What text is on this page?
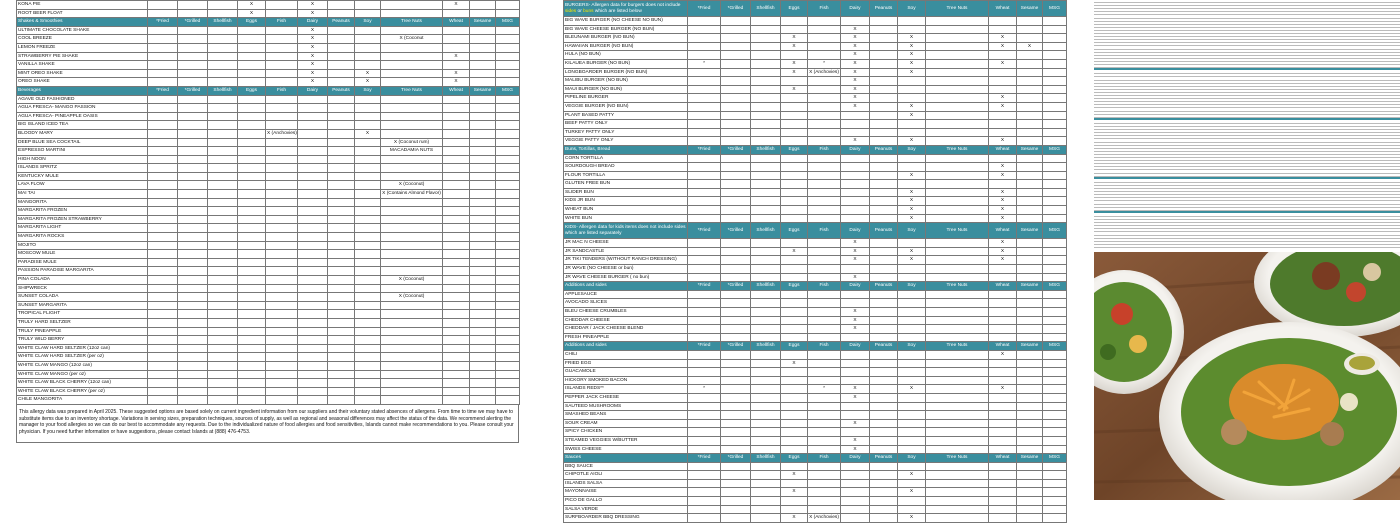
KONA PIE				X		X				X		
ROOT BEER FLOAT				X		X						
Shakes & Smoothies	*Fried	*Grilled	Shellfish	Eggs	Fish	Dairy	Peanuts	Soy	Tree Nuts	Wheat	Sesame	MSG
ULTIMATE CHOCOLATE SHAKE						X						
COOL BREEZE						X			X (Coconut			
LEMON FREEZE						X						
STRAWBERRY PIE SHAKE						X				X		
VANILLA SHAKE						X						
MINT OREO SHAKE						X		X		X		
OREO SHAKE						X		X		X		
Beverages	*Fried	*Grilled	Shellfish	Eggs	Fish	Dairy	Peanuts	Soy	Tree Nuts	Wheat	Sesame	MSG
AGAVE OLD FASHIONED												
AGUA FRESCA- MANGO PASSION												
AGUA FRESCA- PINEAPPLE OASIS												
BIG ISLAND ICED TEA												
BLOODY MARY					X (Anchovies)			X				
DEEP BLUE SEA COCKTAIL									X (Coconut rum)			
ESPRESSO MARTINI									MACADAMIA NUTS			
HIGH NOON												
ISLANDS SPRITZ												
KENTUCKY MULE												
LAVA FLOW									X (Coconut)			
MAI TAI									X (Contains Almond Flavor)			
MANGORITA												
MARGARITA FROZEN												
MARGARITA FROZEN STRAWBERRY												
MARGARITA LIGHT												
MARGARITA ROCKS												
MOJITO												
MOSCOW MULE												
PARADISE MULE												
PASSION PARADISE MARGARITA												
PINA COLADA									X (Coconut)			
SHIPWRECK												
SUNSET COLADA									X (Coconut)			
SUNSET MARGARITA												
TROPICAL FLIGHT												
TRULY HARD SELTZER												
TRULY PINEAPPLE												
TRULY WILD BERRY												
WHITE CLAW HARD SELTZER (12oz can)												
WHITE CLAW HARD SELTZER (per oz)												
WHITE CLAW MANGO (12oz can)												
WHITE CLAW MANGO (per oz)												
WHITE CLAW BLACK CHERRY (12oz can)												
WHITE CLAW BLACK CHERRY (per oz)												
CHILE MANGORITA												
This allergy data was prepared in April 2025. These suggested options are based solely on current ingredient information from our suppliers and their voluntary stated absences of allergens. From time to time we may have to substitute items due to an inventory shortage. Variations in serving sizes, preparation techniques, sources of supply, as well as regional and seasonal differences may affect the status of the data. We recommend alerting the manager to your food allergies so we can do our best to accommodate any requests. Due to the individualized nature of food allergies and food sensitivities, Islands cannot make recommendations to you. Please consult your physician. If you need further information or have suggestions, please contact Islands at (888) 476-4753.
BURGERS- Allergen data for burgers does not include sides or buns which are listed below	*Fried	*Grilled	Shellfish	Eggs	Fish	Dairy	Peanuts	Soy	Tree Nuts	Wheat	Sesame	MSG
BIG WAVE BURGER (NO CHEESE NO BUN)												
BIG WAVE CHEESE BURGER (NO BUN)						X						
BLEUNAMI BURGER (NO BUN)				X		X		X		X		
HAWAIIAN BURGER (NO BUN)				X		X		X		X	X	
HULA (NO BUN)						X		X				
KILAUEA BURGER (NO BUN)	*			X	*	X		X		X		
LONGBOARDER BURGER (NO BUN)				X	X (Anchovies)	X		X				
MALIBU BURGER (NO BUN)						X						
MAUI BURGER (NO BUN)				X		X						
PIPELINE BURGER						X				X		
VEGGIE BURGER (NO BUN)						X		X		X		
PLANT BASED PATTY								X				
BEEF PATTY ONLY												
TURKEY PATTY ONLY												
VEGGIE PATTY ONLY						X		X		X		
Buns, Tortillas, Bread	*Fried	*Grilled	Shellfish	Eggs	Fish	Dairy	Peanuts	Soy	Tree Nuts	Wheat	Sesame	MSG
CORN TORTILLA												
SOURDOUGH BREAD										X		
FLOUR TORTILLA								X		X		
GLUTEN FREE BUN												
SLIDER BUN								X		X		
KIDS JR BUN								X		X		
WHEAT BUN								X		X		
WHITE BUN								X		X		
KIDS- Allergen data for kids items does not include sides which are listed separately	*Fried	*Grilled	Shellfish	Eggs	Fish	Dairy	Peanuts	Soy	Tree Nuts	Wheat	Sesame	MSG
JR MAC N CHEESE						X				X		
JR SANDCASTLE				X		X		X		X		
JR TIKI TENDERS (WITHOUT RANCH DRESSING)						X		X		X		
JR WAVE (NO CHEESE or bun)												
JR WAVE CHEESE BURGER ( no bun)						X						
Additions and sides	*Fried	*Grilled	Shellfish	Eggs	Fish	Dairy	Peanuts	Soy	Tree Nuts	Wheat	Sesame	MSG
APPLESAUCE												
AVOCADO SLICES												
BLEU CHEESE CRUMBLES						X						
CHEDDAR CHEESE						X						
CHEDDAR / JACK CHEESE BLEND						X						
FRESH PINEAPPLE												
Additions and sides	*Fried	*Grilled	Shellfish	Eggs	Fish	Dairy	Peanuts	Soy	Tree Nuts	Wheat	Sesame	MSG
CHILI										X		
FRIED EGG				X								
GUACAMOLE												
HICKORY SMOKED BACON												
ISLANDS REDS**	*				*	X		X		X		
PEPPER JACK CHEESE						X						
SAUTEED MUSHROOMS												
SMASHED BEANS												
SOUR CREAM						X						
SPICY CHICKEN												
STEAMED VEGGIES W/BUTTER						X						
SWISS CHEESE						X						
Sauces	*Fried	*Grilled	Shellfish	Eggs	Fish	Dairy	Peanuts	Soy	Tree Nuts	Wheat	Sesame	MSG
BBQ SAUCE												
CHIPOTLE AIOLI				X				X				
ISLANDS SALSA												
MAYONNAISE				X				X				
PICO DE GALLO												
SALSA VERDE												
SURFBOARDER BBQ DRESSING				X	X (Anchovies)			X				
